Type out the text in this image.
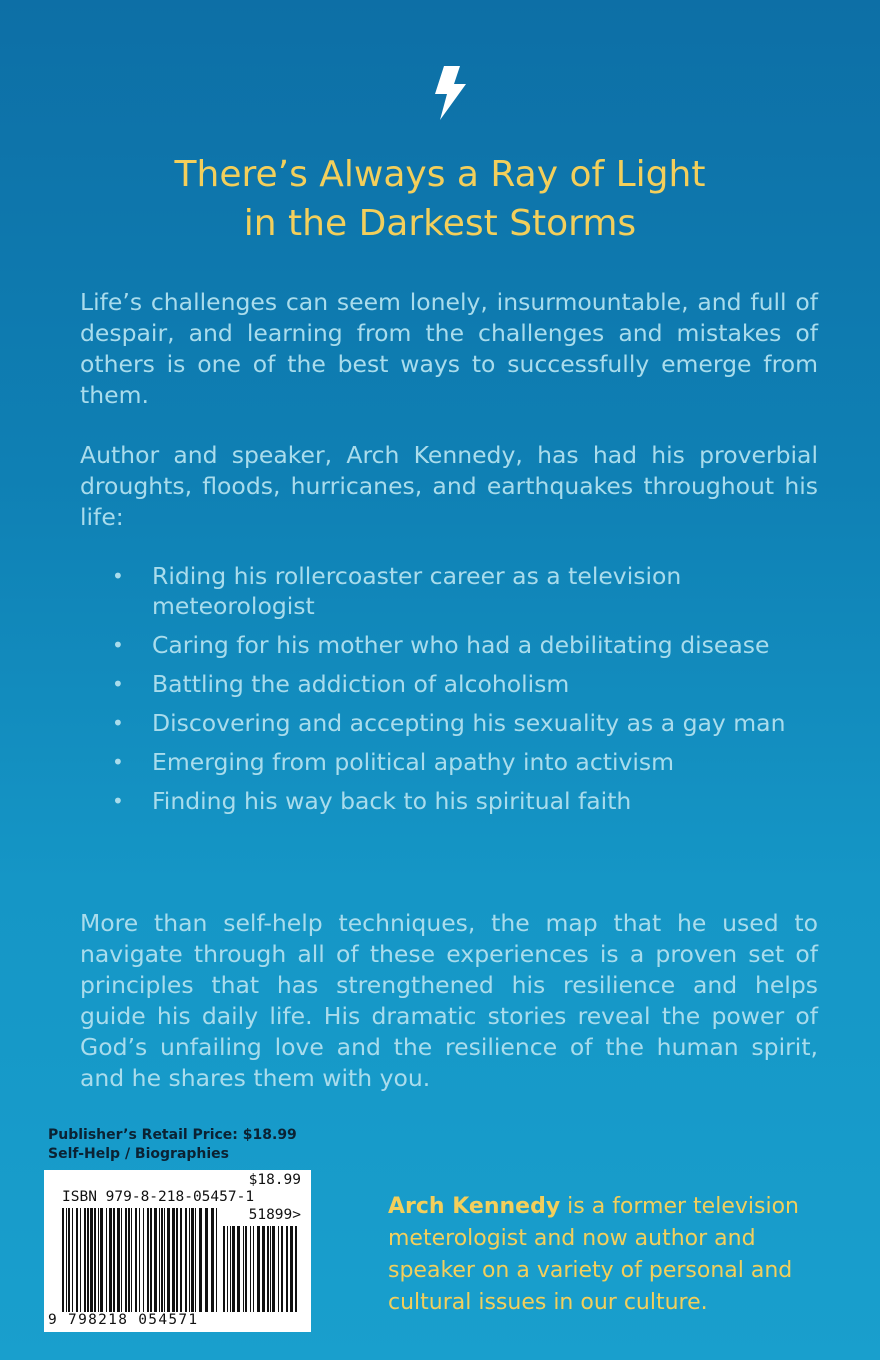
There’s Always a Ray of Light
in the Darkest Storms

Life’s challenges can seem lonely, insurmountable, and full of despair, and learning from the challenges and mistakes of others is one of the best ways to successfully emerge from them.

Author and speaker, Arch Kennedy, has had his proverbial droughts, floods, hurricanes, and earthquakes throughout his life:

• Riding his rollercoaster career as a television meteorologist
• Caring for his mother who had a debilitating disease
• Battling the addiction of alcoholism
• Discovering and accepting his sexuality as a gay man
• Emerging from political apathy into activism
• Finding his way back to his spiritual faith

More than self-help techniques, the map that he used to navigate through all of these experiences is a proven set of principles that has strengthened his resilience and helps guide his daily life. His dramatic stories reveal the power of God’s unfailing love and the resilience of the human spirit, and he shares them with you.

Publisher’s Retail Price: $18.99
Self-Help / Biographies
$18.99
ISBN 979-8-218-05457-1
51899>
9 798218 054571
Arch Kennedy is a former television meterologist and now author and speaker on a variety of personal and cultural issues in our culture.
